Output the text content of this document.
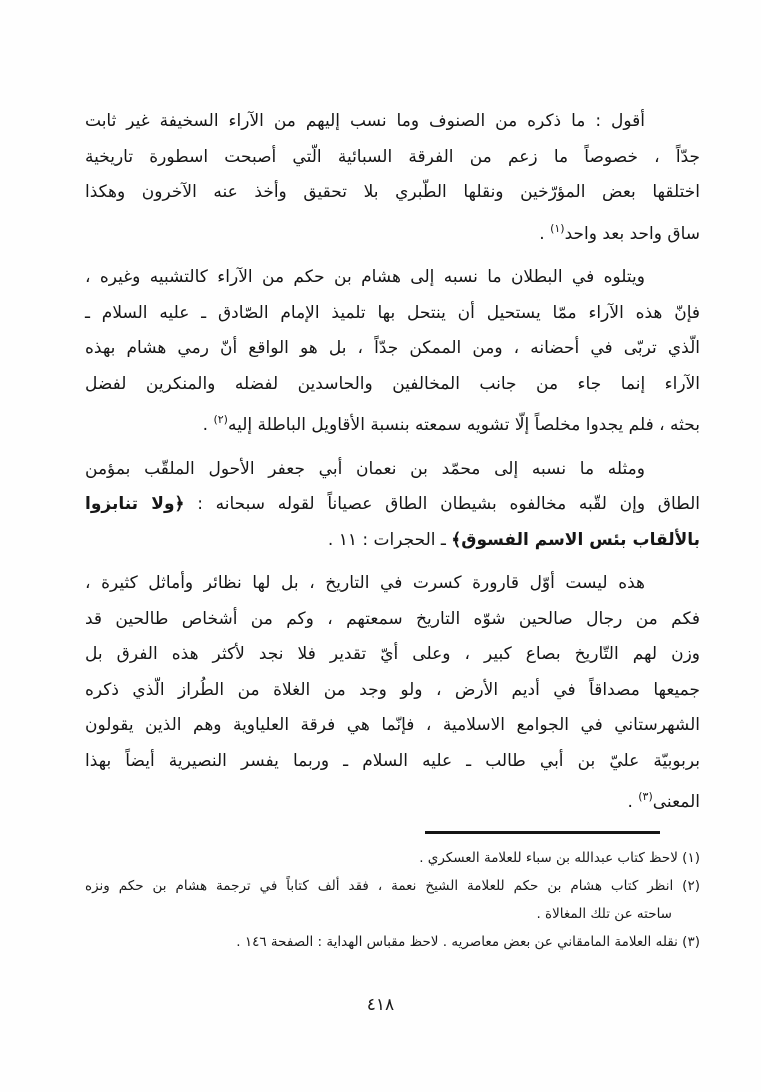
أقول : ما ذكره من الصنوف وما نسب إليهم من الآراء السخيفة غير ثابت
جدّاً ، خصوصاً ما زعم من الفرقة السبائية الّتي أصبحت اسطورة تاريخية
اختلقها بعض المؤرّخين ونقلها الطّبري بلا تحقيق وأخذ عنه الآخرون وهكذا
ساق واحد بعد واحد$^{(١)}$ .
ويتلوه في البطلان ما نسبه إلى هشام بن حكم من الآراء كالتشبيه وغيره ،
فإنّ هذه الآراء ممّا يستحيل أن ينتحل بها تلميذ الإمام الصّادق ـ عليه السلام ـ
الّذي تربّى في أحضانه ، ومن الممكن جدّاً ، بل هو الواقع أنّ رمي هشام بهذه
الآراء إنما جاء من جانب المخالفين والحاسدين لفضله والمنكرين لفضل
بحثه ، فلم يجدوا مخلصاً إلّا تشويه سمعته بنسبة الأقاويل الباطلة إليه$^{(٢)}$ .
ومثله ما نسبه إلى محمّد بن نعمان أبي جعفر الأحول الملقّب بمؤمن
الطاق وإن لقّبه مخالفوه بشيطان الطاق عصياناً لقوله سبحانه : ﴿ولا تنابزوا
بالألقاب بئس الاسم الفسوق﴾ ـ الحجرات : ١١ .
هذه ليست أوّل قارورة كسرت في التاريخ ، بل لها نظائر وأماثل كثيرة ،
فكم من رجال صالحين شوّه التاريخ سمعتهم ، وكم من أشخاص طالحين قد
وزن لهم التّاريخ بصاع كبير ، وعلى أيّ تقدير فلا نجد لأكثر هذه الفرق بل
جميعها مصداقاً في أديم الأرض ، ولو وجد من الغلاة من الطُراز الّذي ذكره
الشهرستاني في الجوامع الاسلامية ، فإنّما هي فرقة العلياوية وهم الذين يقولون
بربوبيّة عليّ بن أبي طالب ـ عليه السلام ـ وربما يفسر النصيرية أيضاً بهذا
المعنى$^{(٣)}$ .
(١) لاحظ كتاب عبدالله بن سباء للعلامة العسكري .
(٢) انظر كتاب هشام بن حكم للعلامة الشيخ نعمة ، فقد ألف كتاباً في ترجمة هشام بن حكم ونزه
ساحته عن تلك المغالاة .
(٣) نقله العلامة المامقاني عن بعض معاصريه . لاحظ مقباس الهداية : الصفحة ١٤٦ .
٤١٨
